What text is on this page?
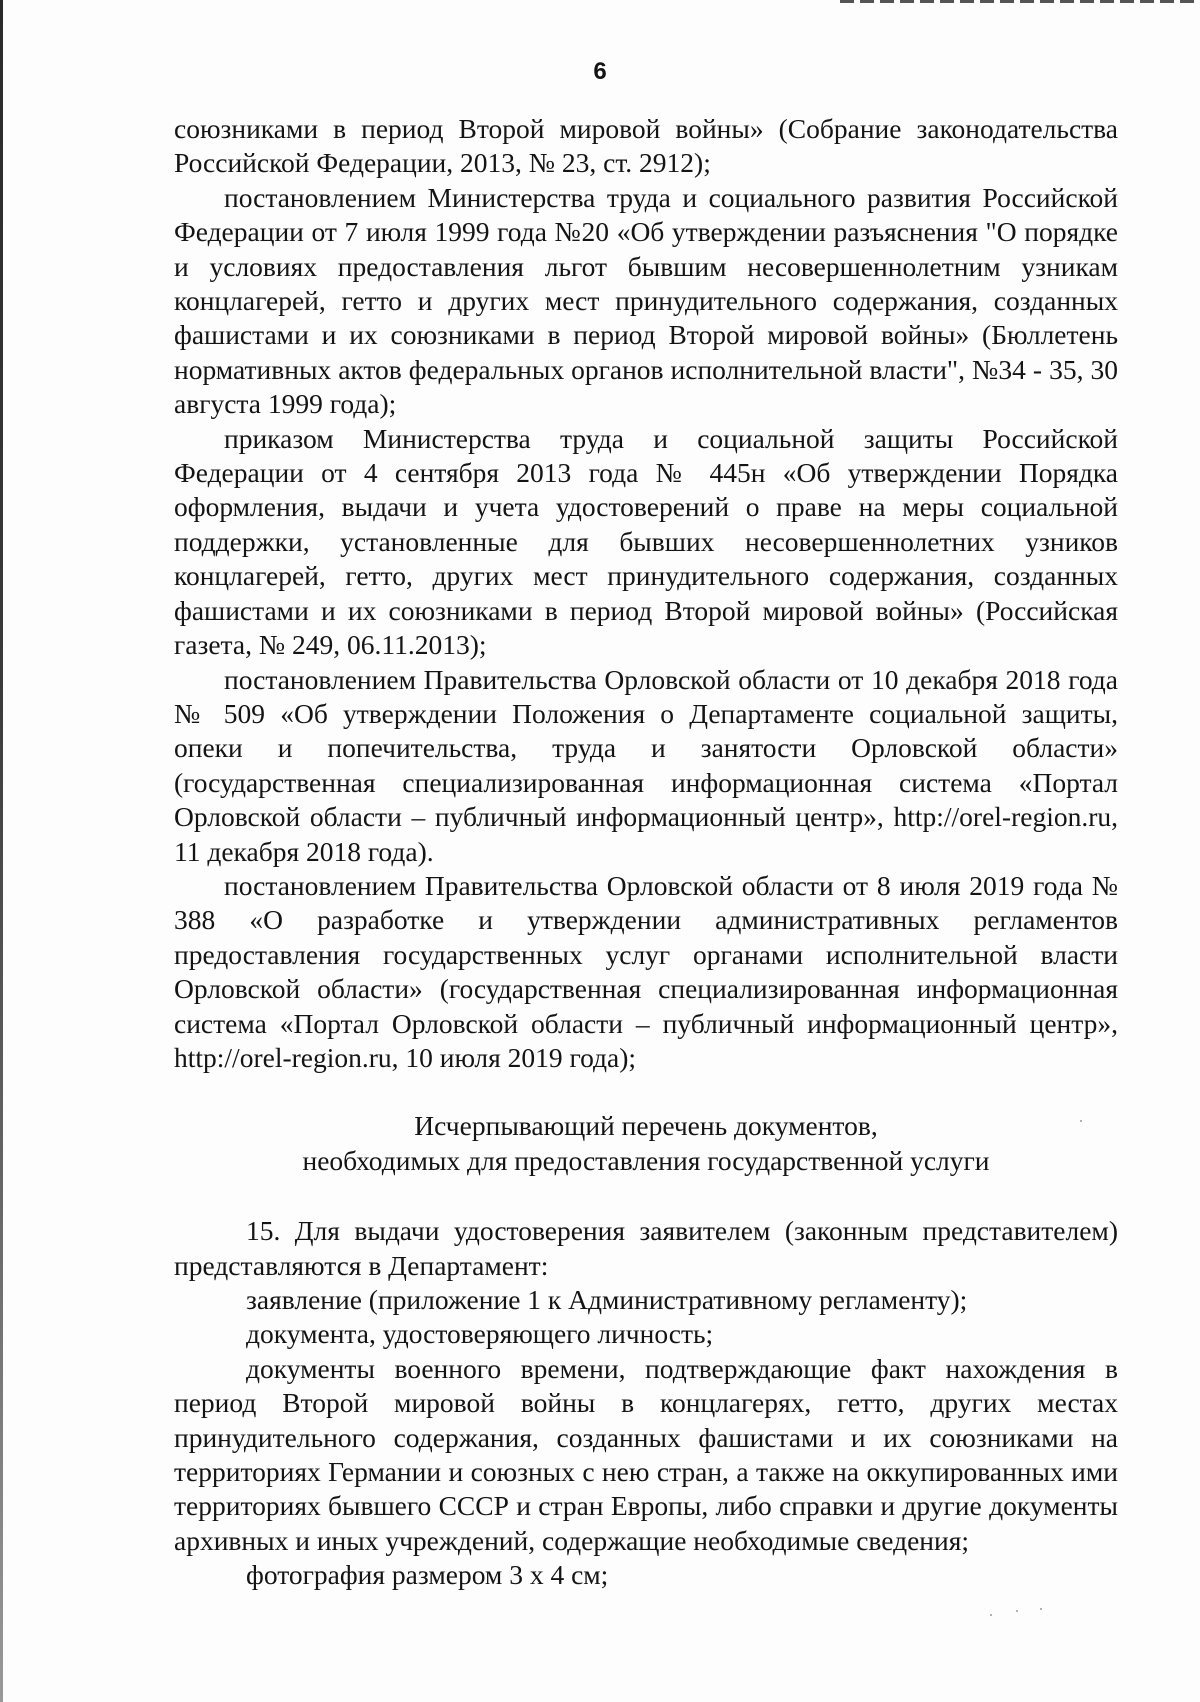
6

союзниками в период Второй мировой войны» (Собрание законодательства Российской Федерации, 2013, № 23, ст. 2912);

постановлением Министерства труда и социального развития Российской Федерации от 7 июля 1999 года №20 «Об утверждении разъяснения "О порядке и условиях предоставления льгот бывшим несовершеннолетним узникам концлагерей, гетто и других мест принудительного содержания, созданных фашистами и их союзниками в период Второй мировой войны» (Бюллетень нормативных актов федеральных органов исполнительной власти", №34 - 35, 30 августа 1999 года);

приказом Министерства труда и социальной защиты Российской Федерации от 4 сентября 2013 года № 445н «Об утверждении Порядка оформления, выдачи и учета удостоверений о праве на меры социальной поддержки, установленные для бывших несовершеннолетних узников концлагерей, гетто, других мест принудительного содержания, созданных фашистами и их союзниками в период Второй мировой войны» (Российская газета, № 249, 06.11.2013);

постановлением Правительства Орловской области от 10 декабря 2018 года № 509 «Об утверждении Положения о Департаменте социальной защиты, опеки и попечительства, труда и занятости Орловской области» (государственная специализированная информационная система «Портал Орловской области – публичный информационный центр», http://orel-region.ru, 11 декабря 2018 года).

постановлением Правительства Орловской области от 8 июля 2019 года № 388 «О разработке и утверждении административных регламентов предоставления государственных услуг органами исполнительной власти Орловской области» (государственная специализированная информационная система «Портал Орловской области – публичный информационный центр», http://orel-region.ru, 10 июля 2019 года);

Исчерпывающий перечень документов,
необходимых для предоставления государственной услуги

15. Для выдачи удостоверения заявителем (законным представителем) представляются в Департамент:

заявление (приложение 1 к Административному регламенту);

документа, удостоверяющего личность;

документы военного времени, подтверждающие факт нахождения в период Второй мировой войны в концлагерях, гетто, других местах принудительного содержания, созданных фашистами и их союзниками на территориях Германии и союзных с нею стран, а также на оккупированных ими территориях бывшего СССР и стран Европы, либо справки и другие документы архивных и иных учреждений, содержащие необходимые сведения;

фотография размером 3 х 4 см;
